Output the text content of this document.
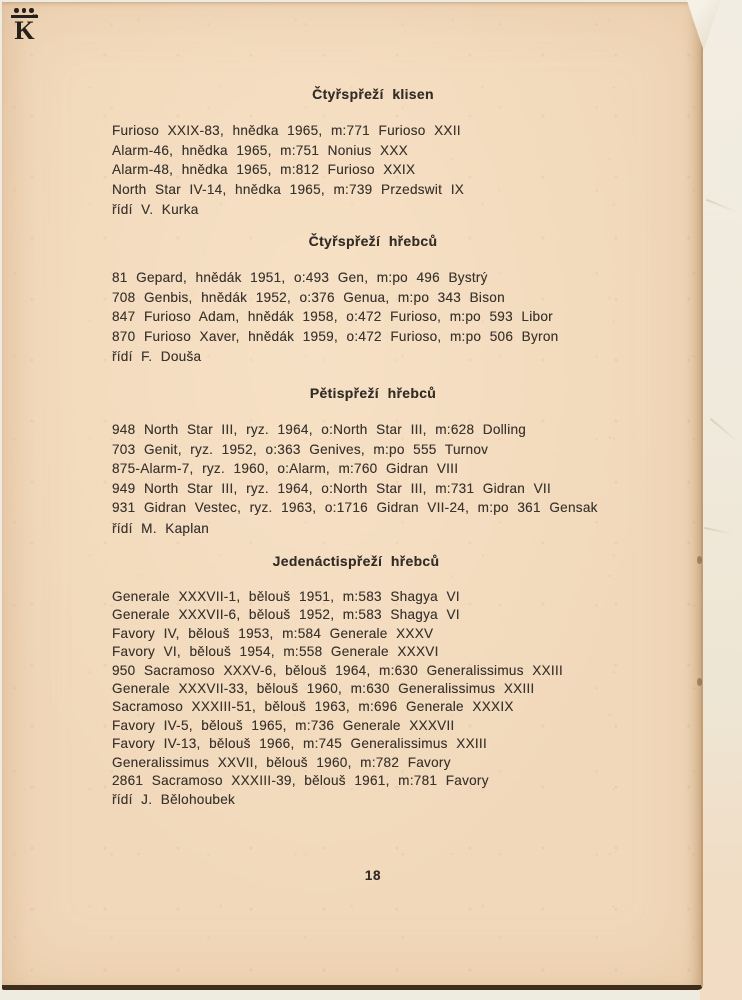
K
ˇ
Čtyřspřeží klisen
Furioso XXIX-83, hnědka 1965, m:771 Furioso XXII
Alarm-46, hnědka 1965, m:751 Nonius XXX
Alarm-48, hnědka 1965, m:812 Furioso XXIX
North Star IV-14, hnědka 1965, m:739 Przedswit IX
řídí V. Kurka
Čtyřspřeží hřebců
81 Gepard, hnědák 1951, o:493 Gen, m:po 496 Bystrý
708 Genbis, hnědák 1952, o:376 Genua, m:po 343 Bison
847 Furioso Adam, hnědák 1958, o:472 Furioso, m:po 593 Libor
870 Furioso Xaver, hnědák 1959, o:472 Furioso, m:po 506 Byron
řídí F. Douša
Pětispřeží hřebců
948 North Star III, ryz. 1964, o:North Star III, m:628 Dolling
703 Genit, ryz. 1952, o:363 Genives, m:po 555 Turnov
875-Alarm-7, ryz. 1960, o:Alarm, m:760 Gidran VIII
949 North Star III, ryz. 1964, o:North Star III, m:731 Gidran VII
931 Gidran Vestec, ryz. 1963, o:1716 Gidran VII-24, m:po 361 Gensak
řídí M. Kaplan
Jedenáctispřeží hřebců
Generale XXXVII-1, bělouš 1951, m:583 Shagya VI
Generale XXXVII-6, bělouš 1952, m:583 Shagya VI
Favory IV, bělouš 1953, m:584 Generale XXXV
Favory VI, bělouš 1954, m:558 Generale XXXVI
950 Sacramoso XXXV-6, bělouš 1964, m:630 Generalissimus XXIII
Generale XXXVII-33, bělouš 1960, m:630 Generalissimus XXIII
Sacramoso XXXIII-51, bělouš 1963, m:696 Generale XXXIX
Favory IV-5, bělouš 1965, m:736 Generale XXXVII
Favory IV-13, bělouš 1966, m:745 Generalissimus XXIII
Generalissimus XXVII, bělouš 1960, m:782 Favory
2861 Sacramoso XXXIII-39, bělouš 1961, m:781 Favory
řídí J. Bělohoubek
18
